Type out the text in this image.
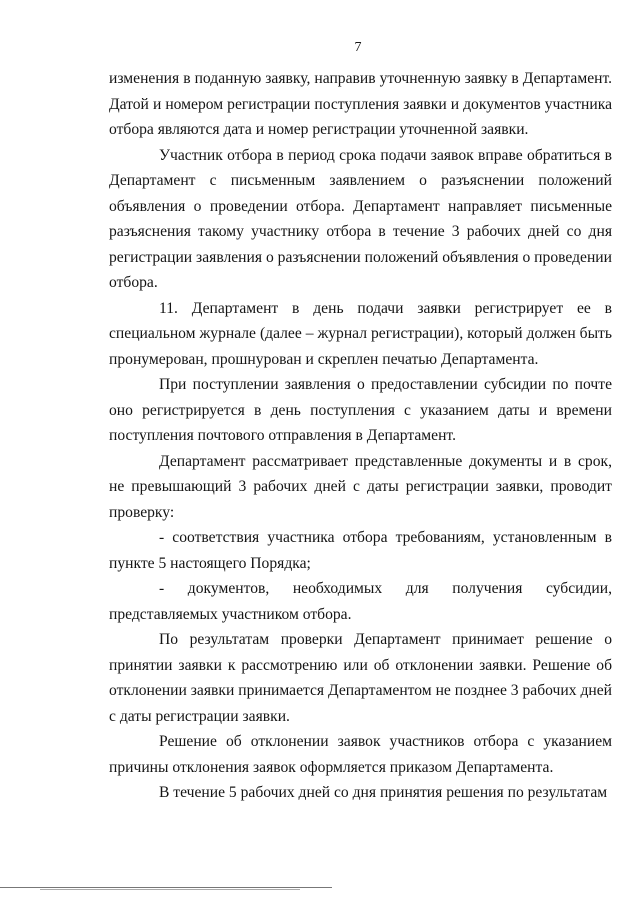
7

изменения в поданную заявку, направив уточненную заявку в Департамент. Датой и номером регистрации поступления заявки и документов участника отбора являются дата и номер регистрации уточненной заявки.

Участник отбора в период срока подачи заявок вправе обратиться в Департамент с письменным заявлением о разъяснении положений объявления о проведении отбора. Департамент направляет письменные разъяснения такому участнику отбора в течение 3 рабочих дней со дня регистрации заявления о разъяснении положений объявления о проведении отбора.

11. Департамент в день подачи заявки регистрирует ее в специальном журнале (далее – журнал регистрации), который должен быть пронумерован, прошнурован и скреплен печатью Департамента.

При поступлении заявления о предоставлении субсидии по почте оно регистрируется в день поступления с указанием даты и времени поступления почтового отправления в Департамент.

Департамент рассматривает представленные документы и в срок, не превышающий 3 рабочих дней с даты регистрации заявки, проводит проверку:

- соответствия участника отбора требованиям, установленным в пункте 5 настоящего Порядка;

- документов, необходимых для получения субсидии, представляемых участником отбора.

По результатам проверки Департамент принимает решение о принятии заявки к рассмотрению или об отклонении заявки. Решение об отклонении заявки принимается Департаментом не позднее 3 рабочих дней с даты регистрации заявки.

Решение об отклонении заявок участников отбора с указанием причины отклонения заявок оформляется приказом Департамента.

В течение 5 рабочих дней со дня принятия решения по результатам
